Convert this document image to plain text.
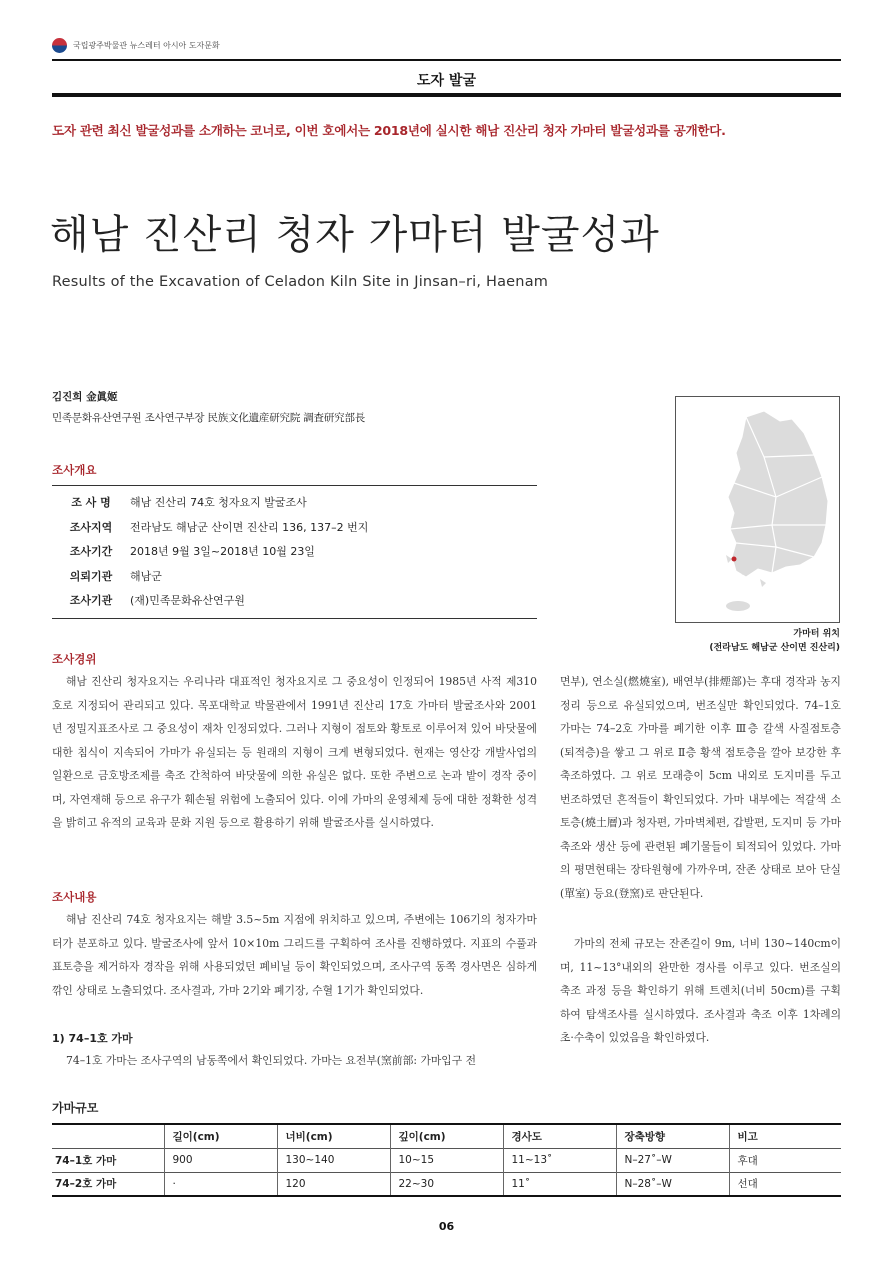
국립광주박물관 뉴스레터 아시아 도자문화
도자 발굴
도자 관련 최신 발굴성과를 소개하는 코너로, 이번 호에서는 2018년에 실시한 해남 진산리 청자 가마터 발굴성과를 공개한다.
해남 진산리 청자 가마터 발굴성과
Results of the Excavation of Celadon Kiln Site in Jinsan–ri, Haenam
김진희 金眞姬
민족문화유산연구원 조사연구부장 民族文化遺産研究院 調査研究部長
가마터 위치
(전라남도 해남군 산이면 진산리)
조사개요
조 사 명	해남 진산리 74호 청자요지 발굴조사
조사지역	전라남도 해남군 산이면 진산리 136, 137–2 번지
조사기간	2018년 9월 3일~2018년 10월 23일
의뢰기관	해남군
조사기관	(재)민족문화유산연구원
조사경위
해남 진산리 청자요지는 우리나라 대표적인 청자요지로 그 중요성이 인정되어 1985년 사적 제310호로 지정되어 관리되고 있다. 목포대학교 박물관에서 1991년 진산리 17호 가마터 발굴조사와 2001년 정밀지표조사로 그 중요성이 재차 인정되었다. 그러나 지형이 점토와 황토로 이루어져 있어 바닷물에 대한 침식이 지속되어 가마가 유실되는 등 원래의 지형이 크게 변형되었다. 현재는 영산강 개발사업의 일환으로 금호방조제를 축조 간척하여 바닷물에 의한 유실은 없다. 또한 주변으로 논과 밭이 경작 중이며, 자연재해 등으로 유구가 훼손될 위험에 노출되어 있다. 이에 가마의 운영체제 등에 대한 정확한 성격을 밝히고 유적의 교육과 문화 지원 등으로 활용하기 위해 발굴조사를 실시하였다.
조사내용
해남 진산리 74호 청자요지는 해발 3.5~5m 지점에 위치하고 있으며, 주변에는 106기의 청자가마터가 분포하고 있다. 발굴조사에 앞서 10×10m 그리드를 구획하여 조사를 진행하였다. 지표의 수풀과 표토층을 제거하자 경작을 위해 사용되었던 폐비닐 등이 확인되었으며, 조사구역 동쪽 경사면은 심하게 깎인 상태로 노출되었다. 조사결과, 가마 2기와 폐기장, 수혈 1기가 확인되었다.
1) 74–1호 가마
74–1호 가마는 조사구역의 남동쪽에서 확인되었다. 가마는 요전부(窯前部: 가마입구 전
면부), 연소실(燃燒室), 배연부(排煙部)는 후대 경작과 농지 정리 등으로 유실되었으며, 번조실만 확인되었다. 74–1호 가마는 74–2호 가마를 폐기한 이후 Ⅲ층 갈색 사질점토층(퇴적층)을 쌓고 그 위로 Ⅱ층 황색 점토층을 깔아 보강한 후 축조하였다. 그 위로 모래층이 5cm 내외로 도지미를 두고 번조하였던 흔적들이 확인되었다. 가마 내부에는 적갈색 소토층(燒土層)과 청자편, 가마벽체편, 갑발편, 도지미 등 가마 축조와 생산 등에 관련된 폐기물들이 퇴적되어 있었다. 가마의 평면현태는 장타원형에 가까우며, 잔존 상태로 보아 단실(單室) 등요(登窯)로 판단된다.
가마의 전체 규모는 잔존길이 9m, 너비 130~140cm이며, 11~13°내외의 완만한 경사를 이루고 있다. 번조실의 축조 과정 등을 확인하기 위해 트렌치(너비 50cm)를 구획하여 탐색조사를 실시하였다. 조사결과 축조 이후 1차례의 초·수축이 있었음을 확인하였다.
가마규모
	길이(cm)	너비(cm)	깊이(cm)	경사도	장축방향	비고
74–1호 가마	900	130~140	10~15	11~13˚	N–27˚–W	후대
74–2호 가마	·	120	22~30	11˚	N–28˚–W	선대
06
